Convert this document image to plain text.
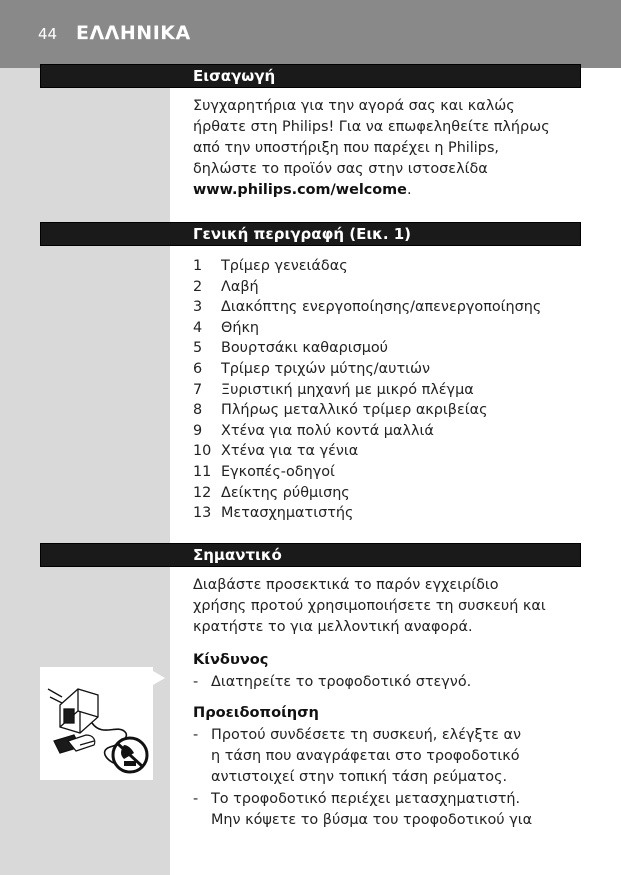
44 ΕΛΛΗΝΙΚΑ
Εισαγωγή
Συγχαρητήρια για την αγορά σας και καλώς
ήρθατε στη Philips! Για να επωφεληθείτε πλήρως
από την υποστήριξη που παρέχει η Philips,
δηλώστε το προϊόν σας στην ιστοσελίδα
www.philips.com/welcome.
Γενική περιγραφή (Εικ. 1)
1	Τρίμερ γενειάδας
2	Λαβή
3	Διακόπτης ενεργοποίησης/απενεργοποίησης
4	Θήκη
5	Βουρτσάκι καθαρισμού
6	Τρίμερ τριχών μύτης/αυτιών
7	Ξυριστική μηχανή με μικρό πλέγμα
8	Πλήρως μεταλλικό τρίμερ ακριβείας
9	Χτένα για πολύ κοντά μαλλιά
10 Χτένα για τα γένια
11 Εγκοπές-οδηγοί
12 Δείκτης ρύθμισης
13 Μετασχηματιστής
Σημαντικό
Διαβάστε προσεκτικά το παρόν εγχειρίδιο
χρήσης προτού χρησιμοποιήσετε τη συσκευή και
κρατήστε το για μελλοντική αναφορά.
Κίνδυνος
- Διατηρείτε το τροφοδοτικό στεγνό.
Προειδοποίηση
- Προτού συνδέσετε τη συσκευή, ελέγξτε αν
η τάση που αναγράφεται στο τροφοδοτικό
αντιστοιχεί στην τοπική τάση ρεύματος.
- Το τροφοδοτικό περιέχει μετασχηματιστή.
Μην κόψετε το βύσμα του τροφοδοτικού για
